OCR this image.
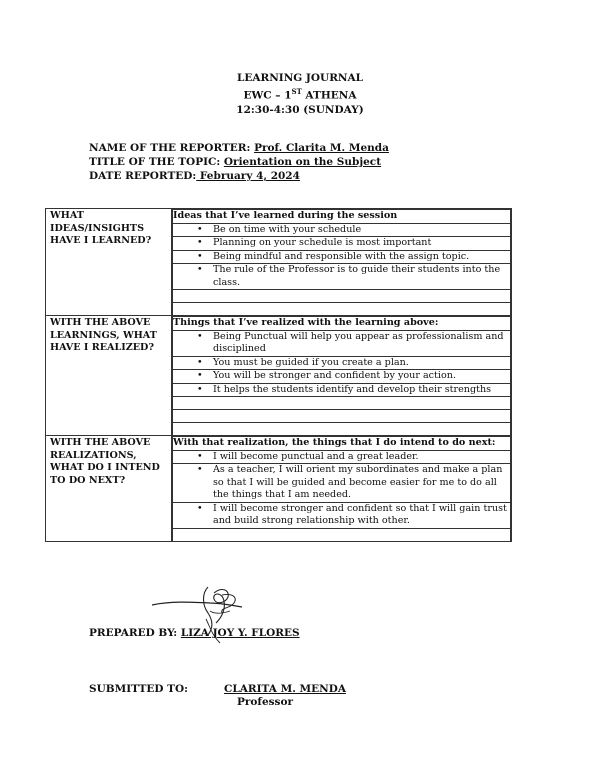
LEARNING JOURNAL
EWC – 1ST ATHENA
12:30-4:30 (SUNDAY)
NAME OF THE REPORTER: Prof. Clarita M. Menda
TITLE OF THE TOPIC: Orientation on the Subject
DATE REPORTED: February 4, 2024
WHAT IDEAS/INSIGHTS HAVE I LEARNED?	
Ideas that I’ve learned during the session
• Be on time with your schedule
• Planning on your schedule is most important
• Being mindful and responsible with the assign topic.
• The rule of the Professor is to guide their students into the class.

WITH THE ABOVE LEARNINGS, WHAT HAVE I REALIZED?	
Things that I’ve realized with the learning above:
• Being Punctual will help you appear as professionalism and disciplined
• You must be guided if you create a plan.
• You will be stronger and confident by your action.
• It helps the students identify and develop their strengths

WITH THE ABOVE REALIZATIONS, WHAT DO I INTEND TO DO NEXT?	
With that realization, the things that I do intend to do next:
• I will become punctual and a great leader.
• As a teacher, I will orient my subordinates and make a plan so that I will be guided and become easier for me to do all the things that I am needed.
• I will become stronger and confident so that I will gain trust and build strong relationship with other.

PREPARED BY: LIZA JOY Y. FLORES
SUBMITTED TO:	CLARITA M. MENDA
Professor
